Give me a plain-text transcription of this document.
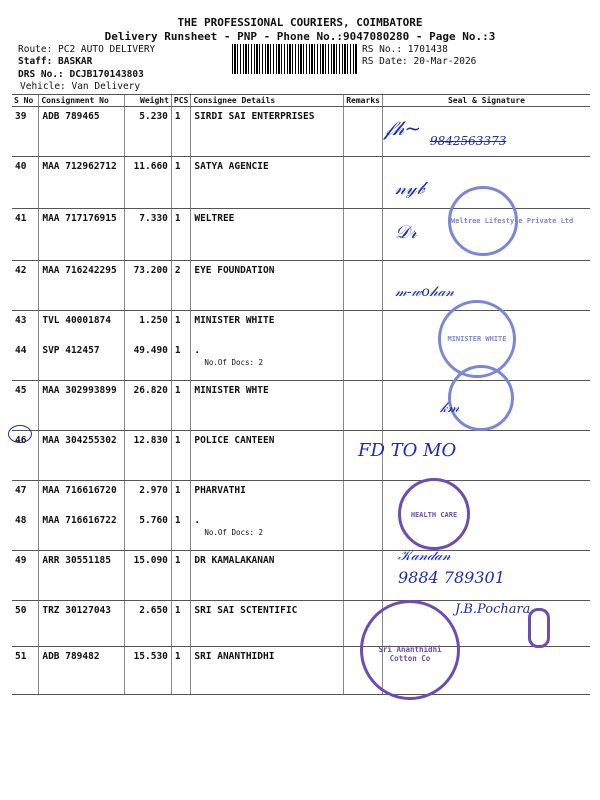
THE PROFESSIONAL COURIERS, COIMBATORE
Delivery Runsheet - PNP - Phone No.:9047080280 - Page No.:3
Route: PC2 AUTO DELIVERY
Staff: BASKAR
DRS No.: DCJB170143803
Vehicle: Van Delivery
RS No.: 1701438
RS Date: 20-Mar-2026
S No	Consignment No	Weight	PCS	Consignee Details	Remarks	Seal & Signature
39	ADB 789465	5.230	1	SIRDI SAI ENTERPRISES		
40	MAA 712962712	11.660	1	SATYA AGENCIE		
41	MAA 717176915	7.330	1	WELTREE		
42	MAA 716242295	73.200	2	EYE FOUNDATION		
43	TVL 40001874	1.250	1	MINISTER WHITE		
44	SVP 412457	49.490	1	.
No.Of Docs: 2		

45	MAA 302993899	26.820	1	MINISTER WHTE		
46	MAA 304255302	12.830	1	POLICE CANTEEN		
47	MAA 716616720	2.970	1	PHARVATHI		
48	MAA 716616722	5.760	1	.
No.Of Docs: 2		

49	ARR 30551185	15.090	1	DR KAMALAKANAN		
50	TRZ 30127043	2.650	1	SRI SAI SCTENTIFIC		
51	ADB 789482	15.530	1	SRI ANANTHIDHI		
Weltree Lifestyle Private Ltd
MINISTER WHITE
HEALTH CARE
Sri Ananthidhi Cotton Co
𝒻𝒽~
9842563373
𝓃𝓎𝒷
𝒟𝓇
𝓂-𝓌𝑜𝒽𝒶𝓃
𝓀𝓂
FD TO MO
𝒦𝒶𝓃𝒹𝒶𝓃
9884 789301
J.B.Pochara
